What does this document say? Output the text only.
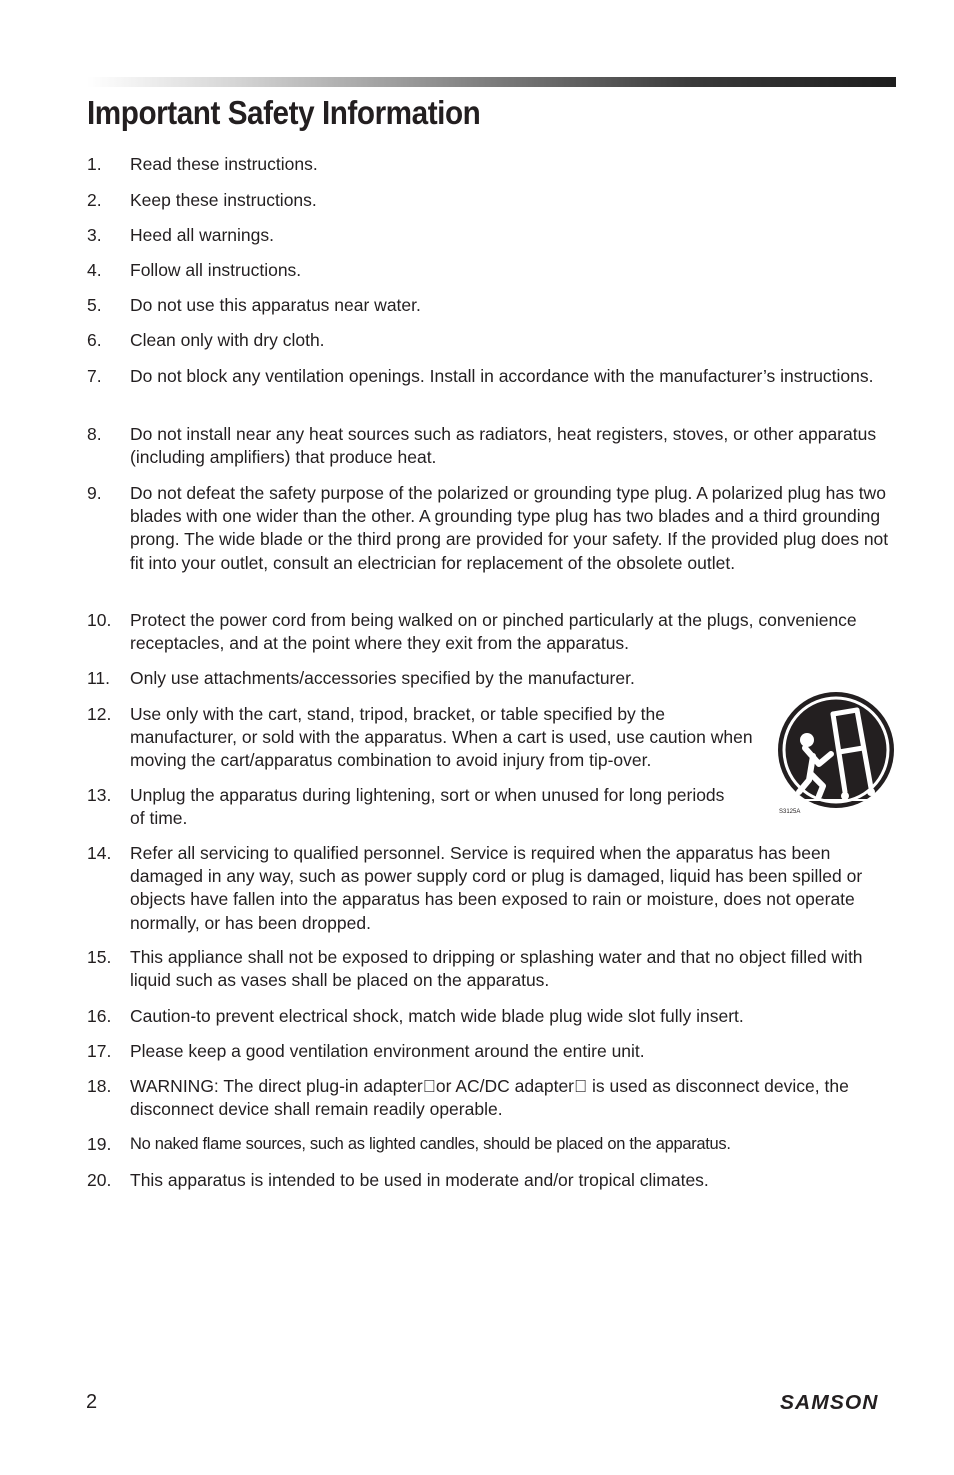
Important Safety Information
1.	Read these instructions.
2.	Keep these instructions.
3.	Heed all warnings.
4.	Follow all instructions.
5.	Do not use this apparatus near water.
6.	Clean only with dry cloth.
7.	Do not block any ventilation openings. Install in accordance with the manufacturer’s instructions.
8.	Do not install near any heat sources such as radiators, heat registers, stoves, or other apparatus (including amplifiers) that produce heat.
9.	Do not defeat the safety purpose of the polarized or grounding type plug. A polarized plug has two blades with one wider than the other. A grounding type plug has two blades and a third grounding prong. The wide blade or the third prong are provided for your safety. If the provided plug does not fit into your outlet, consult an electrician for replacement of the obsolete outlet.
10.	Protect the power cord from being walked on or pinched particularly at the plugs, convenience receptacles, and at the point where they exit from the apparatus.
11.	Only use attachments/accessories specified by the manufacturer.
12.	Use only with the cart, stand, tripod, bracket, or table specified by the manufacturer, or sold with the apparatus. When a cart is used, use caution when moving the cart/apparatus combination to avoid injury from tip-over.
13.	Unplug the apparatus during lightening, sort or when unused for long periods of time.
14.	Refer all servicing to qualified personnel. Service is required when the apparatus has been damaged in any way, such as power supply cord or plug is damaged, liquid has been spilled or objects have fallen into the apparatus has been exposed to rain or moisture, does not operate normally, or has been dropped.
15.	This appliance shall not be exposed to dripping or splashing water and that no object filled with liquid such as vases shall be placed on the apparatus.
16.	Caution-to prevent electrical shock, match wide blade plug wide slot fully insert.
17.	Please keep a good ventilation environment around the entire unit.
18.	WARNING: The direct plug-in adapter or AC/DC adapter  is used as disconnect device, the disconnect device shall remain readily operable.
19.	No naked flame sources, such as lighted candles, should be placed on the apparatus.
20.	This apparatus is intended to be used in moderate and/or tropical climates.
S3125A
2	SAMSON
